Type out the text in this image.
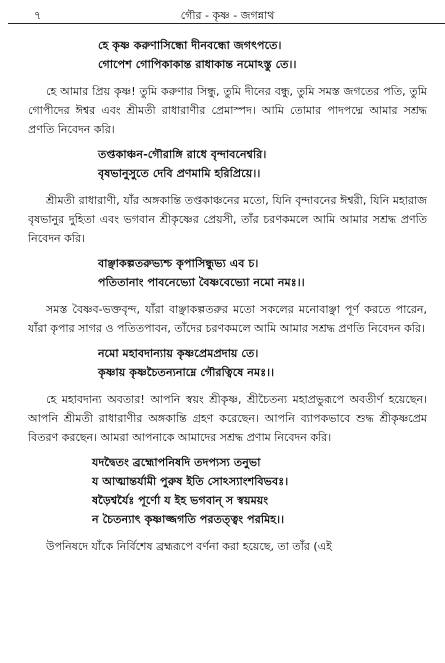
৭	গৌর - কৃষ্ণ - জগন্নাথ
হে কৃষ্ণ করুণাসিন্ধো দীনবন্ধো জগৎপতে।
গোপেশ গোপিকাকান্ত রাধাকান্ত নমোঽস্তু তে।।

হে আমার প্রিয় কৃষ্ণ! তুমি করুণার সিন্ধু, তুমি দীনের বন্ধু, তুমি সমস্ত জগতের পতি, তুমি গোপীদের ঈশ্বর এবং শ্রীমতী রাধারাণীর প্রেমাস্পদ। আমি তোমার পাদপদ্মে আমার সশ্রদ্ধ প্রণতি নিবেদন করি।

তপ্তকাঞ্চন-গৌরাঙ্গি রাধে বৃন্দাবনেশ্বরি।
বৃষভানুসুতে দেবি প্রণমামি হরিপ্রিয়ে।।

শ্রীমতী রাধারাণী, যাঁর অঙ্গকান্তি তপ্তকাঞ্চনের মতো, যিনি বৃন্দাবনের ঈশ্বরী, যিনি মহারাজ বৃষভানুর দুহিতা এবং ভগবান শ্রীকৃষ্ণের প্রেয়সী, তাঁর চরণকমলে আমি আমার সশ্রদ্ধ প্রণতি নিবেদন করি।

বাঞ্ছাকল্পতরুভ্যশ্চ কৃপাসিন্ধুভ্য এব চ।
পতিতানাং পাবনেভ্যো বৈষ্ণবেভ্যো নমো নমঃ।।

সমস্ত বৈষ্ণব-ভক্তবৃন্দ, যাঁরা বাঞ্ছাকল্পতরুর মতো সকলের মনোবাঞ্ছা পূর্ণ করতে পারেন, যাঁরা কৃপার সাগর ও পতিতপাবন, তাঁদের চরণকমলে আমি আমার সশ্রদ্ধ প্রণতি নিবেদন করি।

নমো মহাবদান্যায় কৃষ্ণপ্রেমপ্রদায় তে।
কৃষ্ণায় কৃষ্ণচৈতন্যনাম্নে গৌরত্বিষে নমঃ।।

হে মহাবদান্য অবতার! আপনি স্বয়ং শ্রীকৃষ্ণ, শ্রীচৈতন্য মহাপ্রভুরূপে অবতীর্ণ হয়েছেন। আপনি শ্রীমতী রাধারাণীর অঙ্গকান্তি গ্রহণ করেছেন। আপনি ব্যাপকভাবে শুদ্ধ শ্রীকৃষ্ণপ্রেম বিতরণ করছেন। আমরা আপনাকে আমাদের সশ্রদ্ধ প্রণাম নিবেদন করি।

যদদ্বৈতং ব্রহ্মোপনিষদি তদপ্যস্য তনুভা
য আত্মান্তর্যামী পুরুষ ইতি সোঽস্যাংশবিভবঃ।
ষড়ৈশ্বর্যৈঃ পূর্ণো য ইহ ভগবান্ স স্বয়ময়ং
ন চৈতন্যাৎ কৃষ্ণাজ্জগতি পরতত্ত্বং পরমিহ।।

উপনিষদে যাঁকে নির্বিশেষ ব্রহ্মরূপে বর্ণনা করা হয়েছে, তা তাঁর (এই
